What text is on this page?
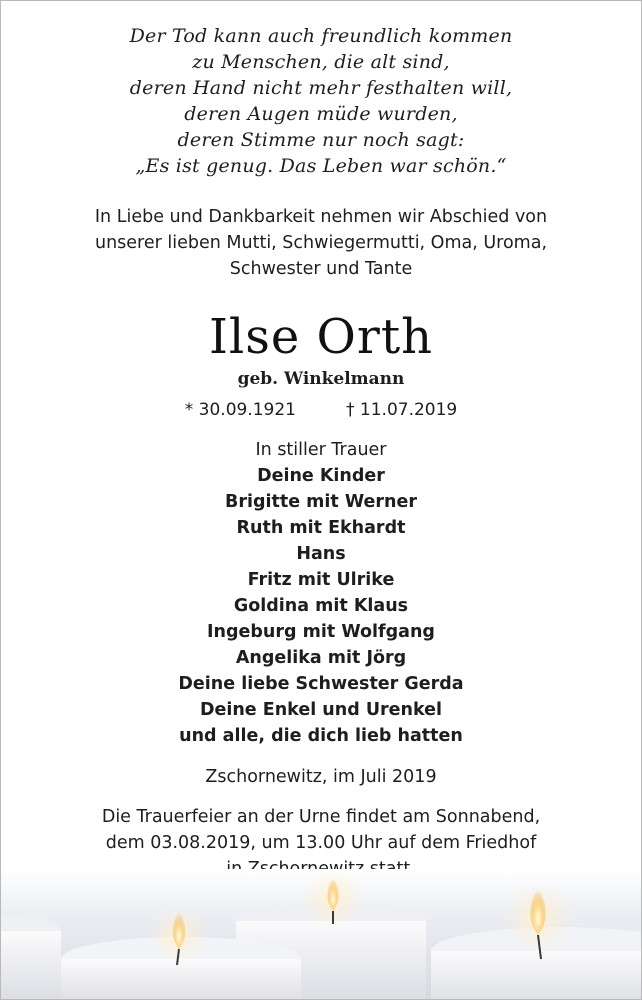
Der Tod kann auch freundlich kommen
zu Menschen, die alt sind,
deren Hand nicht mehr festhalten will,
deren Augen müde wurden,
deren Stimme nur noch sagt:
„Es ist genug. Das Leben war schön.“
In Liebe und Dankbarkeit nehmen wir Abschied von
unserer lieben Mutti, Schwiegermutti, Oma, Uroma,
Schwester und Tante
Ilse Orth
geb. Winkelmann
* 30.09.1921	† 11.07.2019
In stiller Trauer
Deine Kinder
Brigitte mit Werner
Ruth mit Ekhardt
Hans
Fritz mit Ulrike
Goldina mit Klaus
Ingeburg mit Wolfgang
Angelika mit Jörg
Deine liebe Schwester Gerda
Deine Enkel und Urenkel
und alle, die dich lieb hatten
Zschornewitz, im Juli 2019
Die Trauerfeier an der Urne findet am Sonnabend,
dem 03.08.2019, um 13.00 Uhr auf dem Friedhof
